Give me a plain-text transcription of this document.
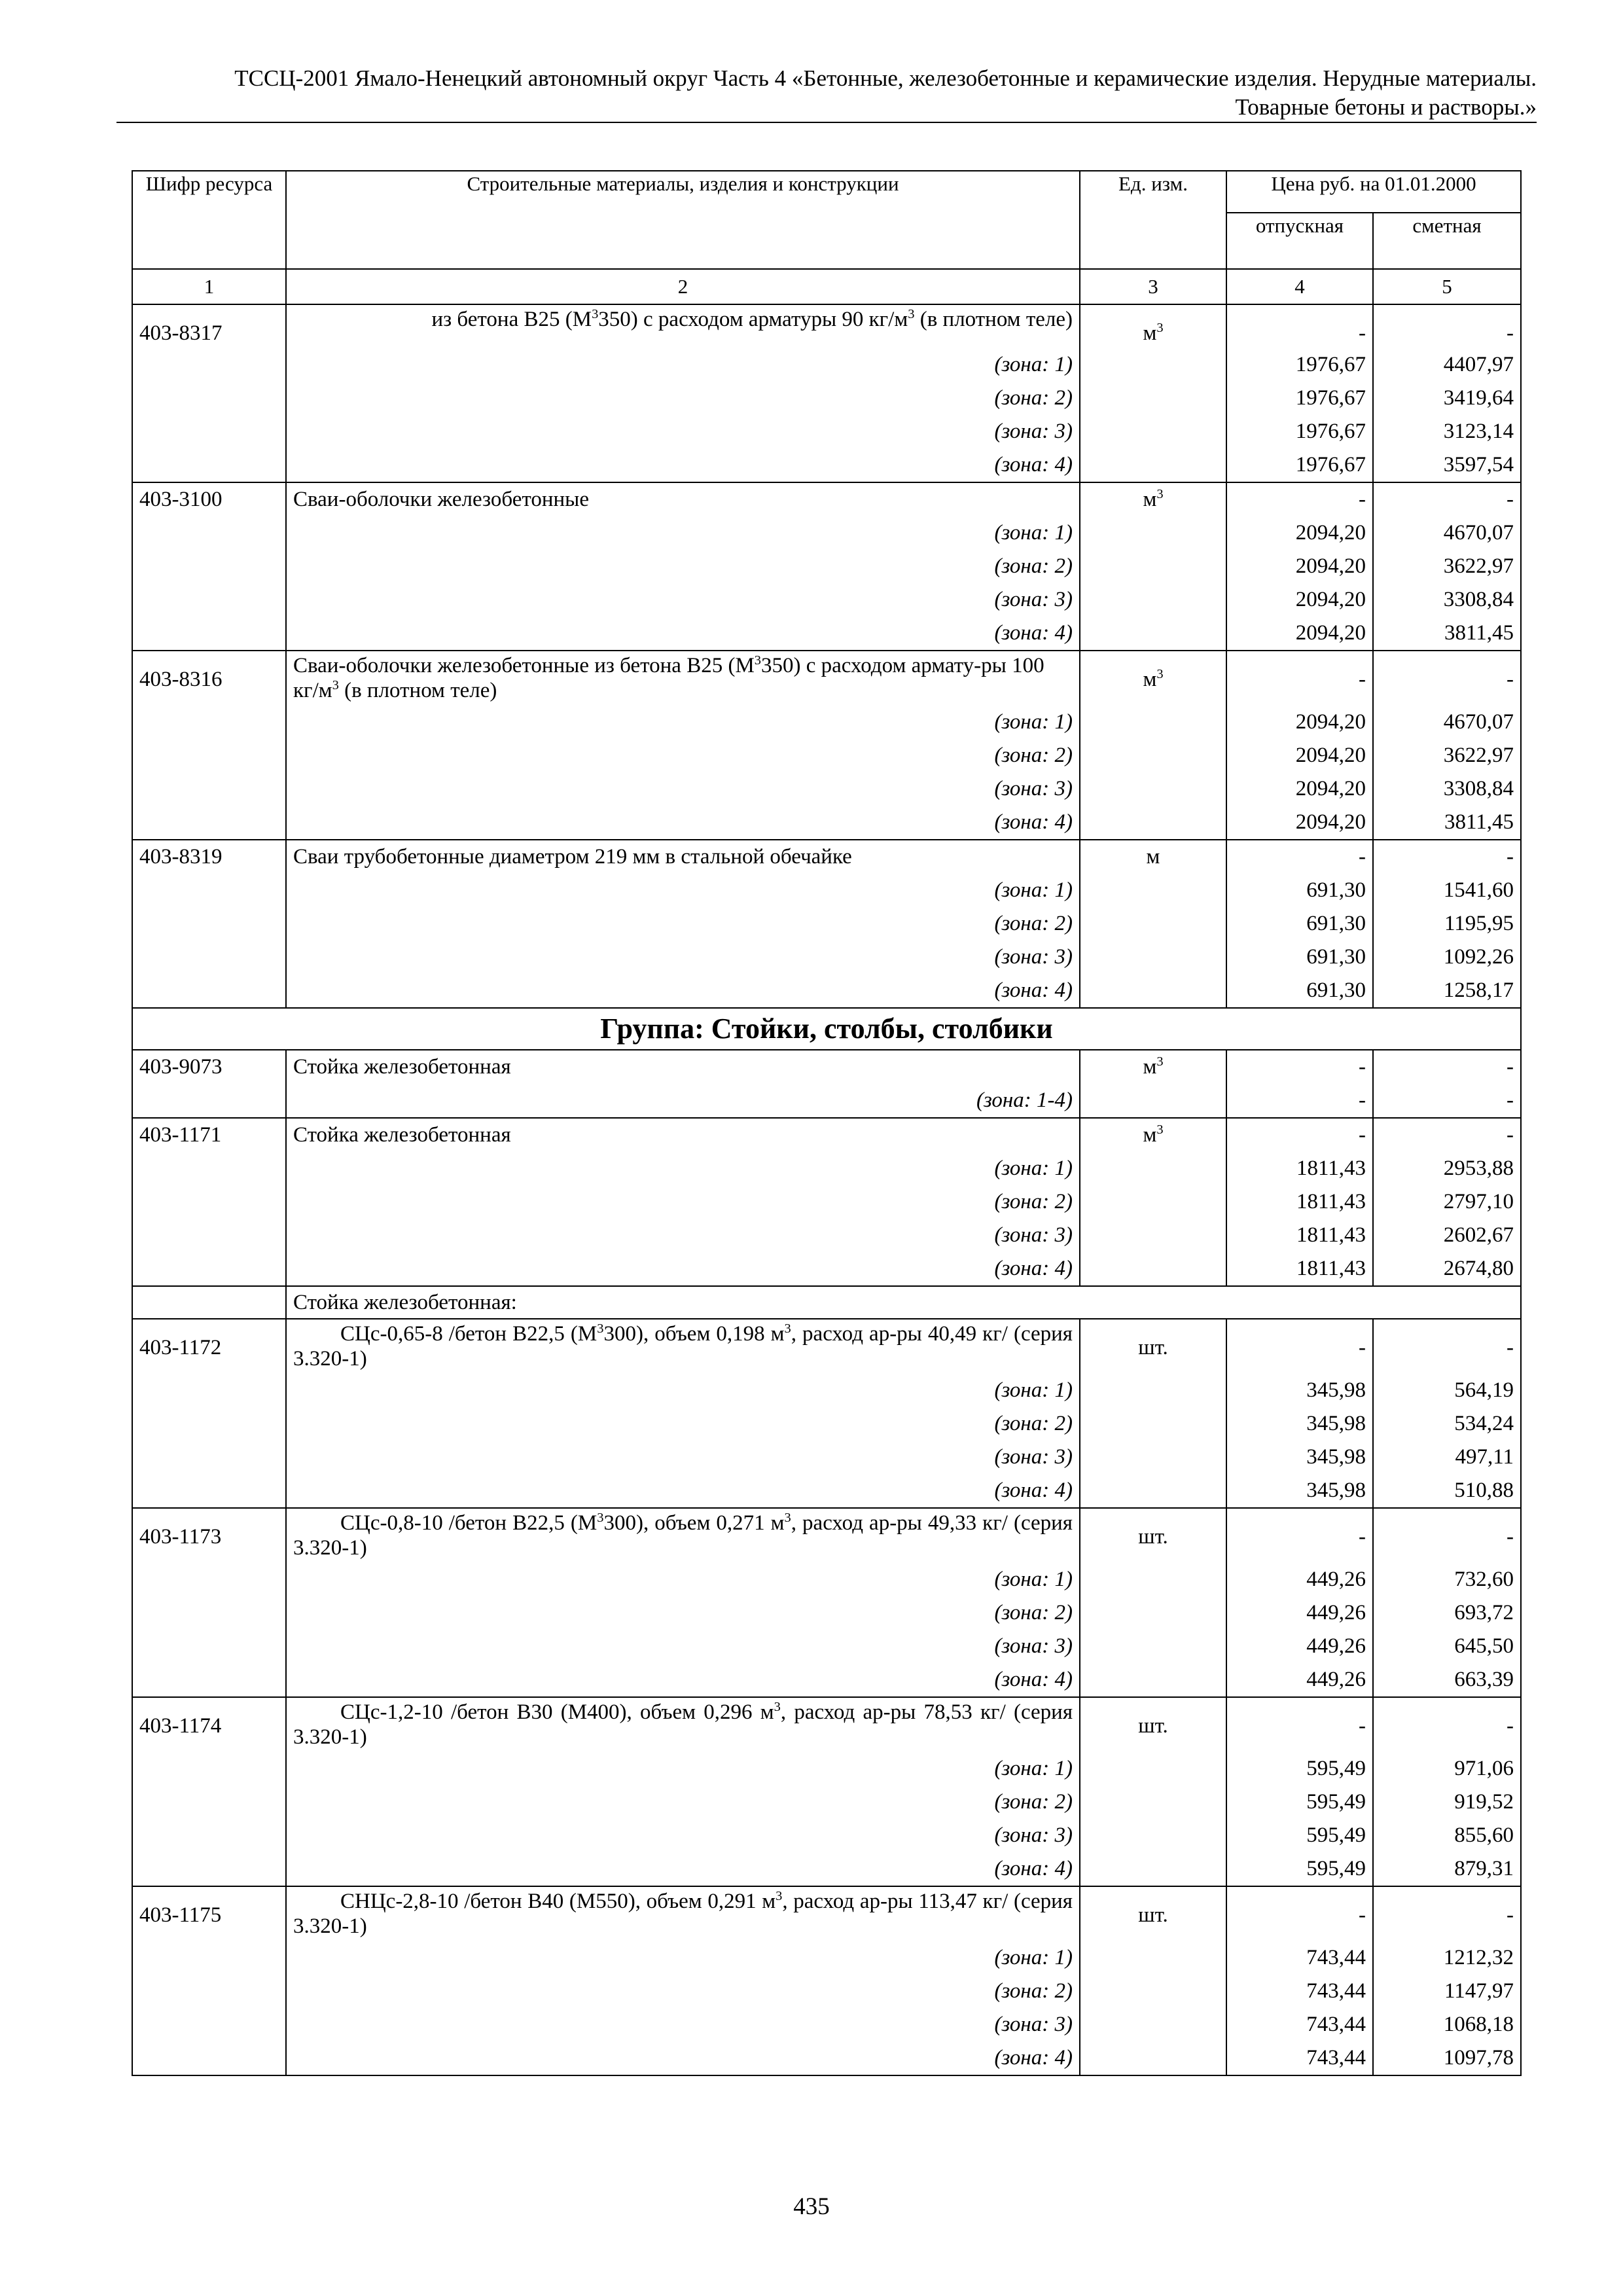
ТССЦ-2001 Ямало-Ненецкий автономный округ Часть 4 «Бетонные, железобетонные и керамические изделия. Нерудные материалы.
Товарные бетоны и растворы.»
Шифр ресурса	Строительные материалы, изделия и конструкции	Ед. изм.	Цена руб. на 01.01.2000	
			отпускная	сметная
1	2	3	4	5
403-8317	из бетона В25 $(М^3350)$ с расходом арматуры 90 $кг/м^3$ (в плотном теле)	$м^3$	-	-
	(зона: 1)		1976,67	4407,97
	(зона: 2)		1976,67	3419,64
	(зона: 3)		1976,67	3123,14
	(зона: 4)		1976,67	3597,54
403-3100	Сваи-оболочки железобетонные	$м^3$	-	-
	(зона: 1)		2094,20	4670,07
	(зона: 2)		2094,20	3622,97
	(зона: 3)		2094,20	3308,84
	(зона: 4)		2094,20	3811,45
403-8316	Сваи-оболочки железобетонные из бетона В25 $(М^3350)$ с расходом армату-ры 100 $кг/м^3$ (в плотном теле)	$м^3$	-	-
	(зона: 1)		2094,20	4670,07
	(зона: 2)		2094,20	3622,97
	(зона: 3)		2094,20	3308,84
	(зона: 4)		2094,20	3811,45
403-8319	Сваи трубобетонные диаметром 219 мм в стальной обечайке	м	-	-
	(зона: 1)		691,30	1541,60
	(зона: 2)		691,30	1195,95
	(зона: 3)		691,30	1092,26
	(зона: 4)		691,30	1258,17
Группа: Стойки, столбы, столбики				
403-9073	Стойка железобетонная	$м^3$	-	-
	(зона: 1-4)		-	-
403-1171	Стойка железобетонная	$м^3$	-	-
	(зона: 1)		1811,43	2953,88
	(зона: 2)		1811,43	2797,10
	(зона: 3)		1811,43	2602,67
	(зона: 4)		1811,43	2674,80
	Стойка железобетонная:			
403-1172	СЦс-0,65-8 /бетон В22,5 $(М^3300)$, объем 0,198 $м^3$, расход ар-ры 40,49 кг/ (серия 3.320-1)	шт.	-	-
	(зона: 1)		345,98	564,19
	(зона: 2)		345,98	534,24
	(зона: 3)		345,98	497,11
	(зона: 4)		345,98	510,88
403-1173	СЦс-0,8-10 /бетон В22,5 $(М^3300)$, объем 0,271 $м^3$, расход ар-ры 49,33 кг/ (серия 3.320-1)	шт.	-	-
	(зона: 1)		449,26	732,60
	(зона: 2)		449,26	693,72
	(зона: 3)		449,26	645,50
	(зона: 4)		449,26	663,39
403-1174	СЦс-1,2-10 /бетон В30 (М400), объем 0,296 $м^3$, расход ар-ры 78,53 кг/ (серия 3.320-1)	шт.	-	-
	(зона: 1)		595,49	971,06
	(зона: 2)		595,49	919,52
	(зона: 3)		595,49	855,60
	(зона: 4)		595,49	879,31
403-1175	СНЦс-2,8-10 /бетон В40 (М550), объем 0,291 $м^3$, расход ар-ры 113,47 кг/ (серия 3.320-1)	шт.	-	-
	(зона: 1)		743,44	1212,32
	(зона: 2)		743,44	1147,97
	(зона: 3)		743,44	1068,18
	(зона: 4)		743,44	1097,78
435
